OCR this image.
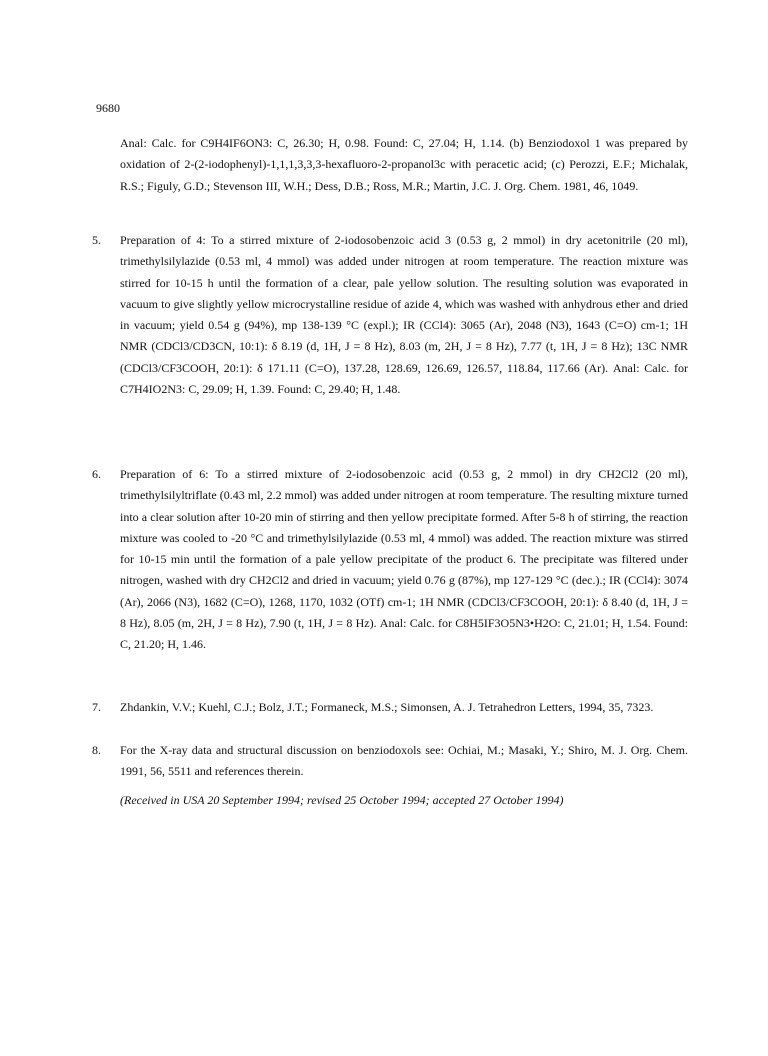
9680
Anal: Calc. for C9H4IF6ON3: C, 26.30; H, 0.98. Found: C, 27.04; H, 1.14. (b) Benziodoxol 1 was prepared by oxidation of 2-(2-iodophenyl)-1,1,1,3,3,3-hexafluoro-2-propanol3c with peracetic acid; (c) Perozzi, E.F.; Michalak, R.S.; Figuly, G.D.; Stevenson III, W.H.; Dess, D.B.; Ross, M.R.; Martin, J.C. J. Org. Chem. 1981, 46, 1049.
5.	Preparation of 4: To a stirred mixture of 2-iodosobenzoic acid 3 (0.53 g, 2 mmol) in dry acetonitrile (20 ml), trimethylsilylazide (0.53 ml, 4 mmol) was added under nitrogen at room temperature. The reaction mixture was stirred for 10-15 h until the formation of a clear, pale yellow solution. The resulting solution was evaporated in vacuum to give slightly yellow microcrystalline residue of azide 4, which was washed with anhydrous ether and dried in vacuum; yield 0.54 g (94%), mp 138-139 °C (expl.); IR (CCl4): 3065 (Ar), 2048 (N3), 1643 (C=O) cm-1; 1H NMR (CDCl3/CD3CN, 10:1): δ 8.19 (d, 1H, J = 8 Hz), 8.03 (m, 2H, J = 8 Hz), 7.77 (t, 1H, J = 8 Hz); 13C NMR (CDCl3/CF3COOH, 20:1): δ 171.11 (C=O), 137.28, 128.69, 126.69, 126.57, 118.84, 117.66 (Ar). Anal: Calc. for C7H4IO2N3: C, 29.09; H, 1.39. Found: C, 29.40; H, 1.48.
6.	Preparation of 6: To a stirred mixture of 2-iodosobenzoic acid (0.53 g, 2 mmol) in dry CH2Cl2 (20 ml), trimethylsilyltriflate (0.43 ml, 2.2 mmol) was added under nitrogen at room temperature. The resulting mixture turned into a clear solution after 10-20 min of stirring and then yellow precipitate formed. After 5-8 h of stirring, the reaction mixture was cooled to -20 °C and trimethylsilylazide (0.53 ml, 4 mmol) was added. The reaction mixture was stirred for 10-15 min until the formation of a pale yellow precipitate of the product 6. The precipitate was filtered under nitrogen, washed with dry CH2Cl2 and dried in vacuum; yield 0.76 g (87%), mp 127-129 °C (dec.).; IR (CCl4): 3074 (Ar), 2066 (N3), 1682 (C=O), 1268, 1170, 1032 (OTf) cm-1; 1H NMR (CDCl3/CF3COOH, 20:1): δ 8.40 (d, 1H, J = 8 Hz), 8.05 (m, 2H, J = 8 Hz), 7.90 (t, 1H, J = 8 Hz). Anal: Calc. for C8H5IF3O5N3•H2O: C, 21.01; H, 1.54. Found: C, 21.20; H, 1.46.
7.	Zhdankin, V.V.; Kuehl, C.J.; Bolz, J.T.; Formaneck, M.S.; Simonsen, A. J. Tetrahedron Letters, 1994, 35, 7323.
8.	For the X-ray data and structural discussion on benziodoxols see: Ochiai, M.; Masaki, Y.; Shiro, M. J. Org. Chem. 1991, 56, 5511 and references therein.
(Received in USA 20 September 1994; revised 25 October 1994; accepted 27 October 1994)
